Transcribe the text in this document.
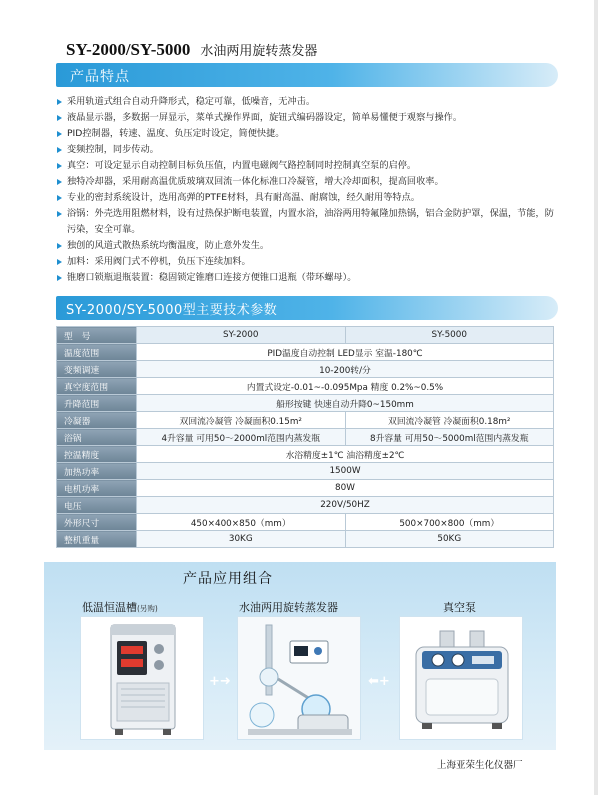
SY-2000/SY-5000 水油两用旋转蒸发器
产品特点
采用轨道式组合自动升降形式，稳定可靠，低噪音，无冲击。
液晶显示器，多数据一屏显示，菜单式操作界面，旋钮式编码器设定，简单易懂便于观察与操作。
PID控制器，转速、温度、负压定时设定，简便快捷。
变频控制，同步传动。
真空：可设定显示自动控制目标负压值，内置电磁阀气路控制同时控制真空泵的启停。
独特冷却器，采用耐高温优质玻璃双回流一体化标准口冷凝管，增大冷却面积，提高回收率。
专业的密封系统设计，选用高弹的PTFE材料，具有耐高温、耐腐蚀，经久耐用等特点。
浴锅：外壳选用阻燃材料，设有过热保护断电装置，内置水浴，油浴两用特氟隆加热锅，铝合金防护罩，保温，节能，防污染，安全可靠。
独创的风道式散热系统均衡温度，防止意外发生。
加料：采用阀门式不停机，负压下连续加料。
锥磨口锁瓶退瓶装置：稳固锁定锥磨口连接方便锥口退瓶（带环螺母）。
SY-2000/SY-5000型主要技术参数
型　号	SY-2000	SY-5000
温度范围	PID温度自动控制 LED显示 室温-180℃	
变频调速	10-200转/分	
真空度范围	内置式设定-0.01~-0.095Mpa 精度 0.2%~0.5%	
升降范围	船形按键 快速自动升降0~150mm	
冷凝器	双回流冷凝管 冷凝面积0.15m²	双回流冷凝管 冷凝面积0.18m²
浴锅	4升容量 可用50～2000ml范围内蒸发瓶	8升容量 可用50～5000ml范围内蒸发瓶
控温精度	水浴精度±1℃ 油浴精度±2℃	
加热功率	1500W	
电机功率	80W	
电压	220V/50HZ	
外形尺寸	450×400×850（mm）	500×700×800（mm）
整机重量	30KG	50KG
产品应用组合
低温恒温槽(另购)	水油两用旋转蒸发器	真空泵
+➜	⬅+
上海亚荣生化仪器厂
